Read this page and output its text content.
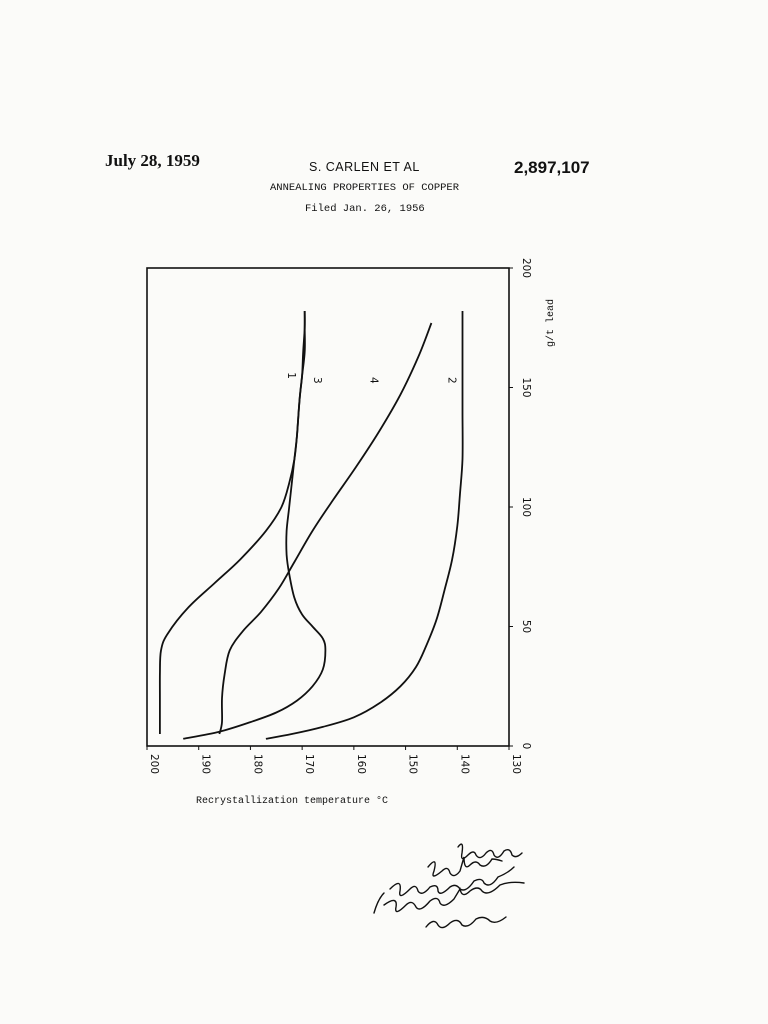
July 28, 1959	S. CARLEN ET AL	2,897,107
ANNEALING PROPERTIES OF COPPER
Filed Jan. 26, 1956
200	190	180	170	160	150	140	130
0
50
100
150
200
g/t lead
1
2
3	4
Recrystallization temperature °C
